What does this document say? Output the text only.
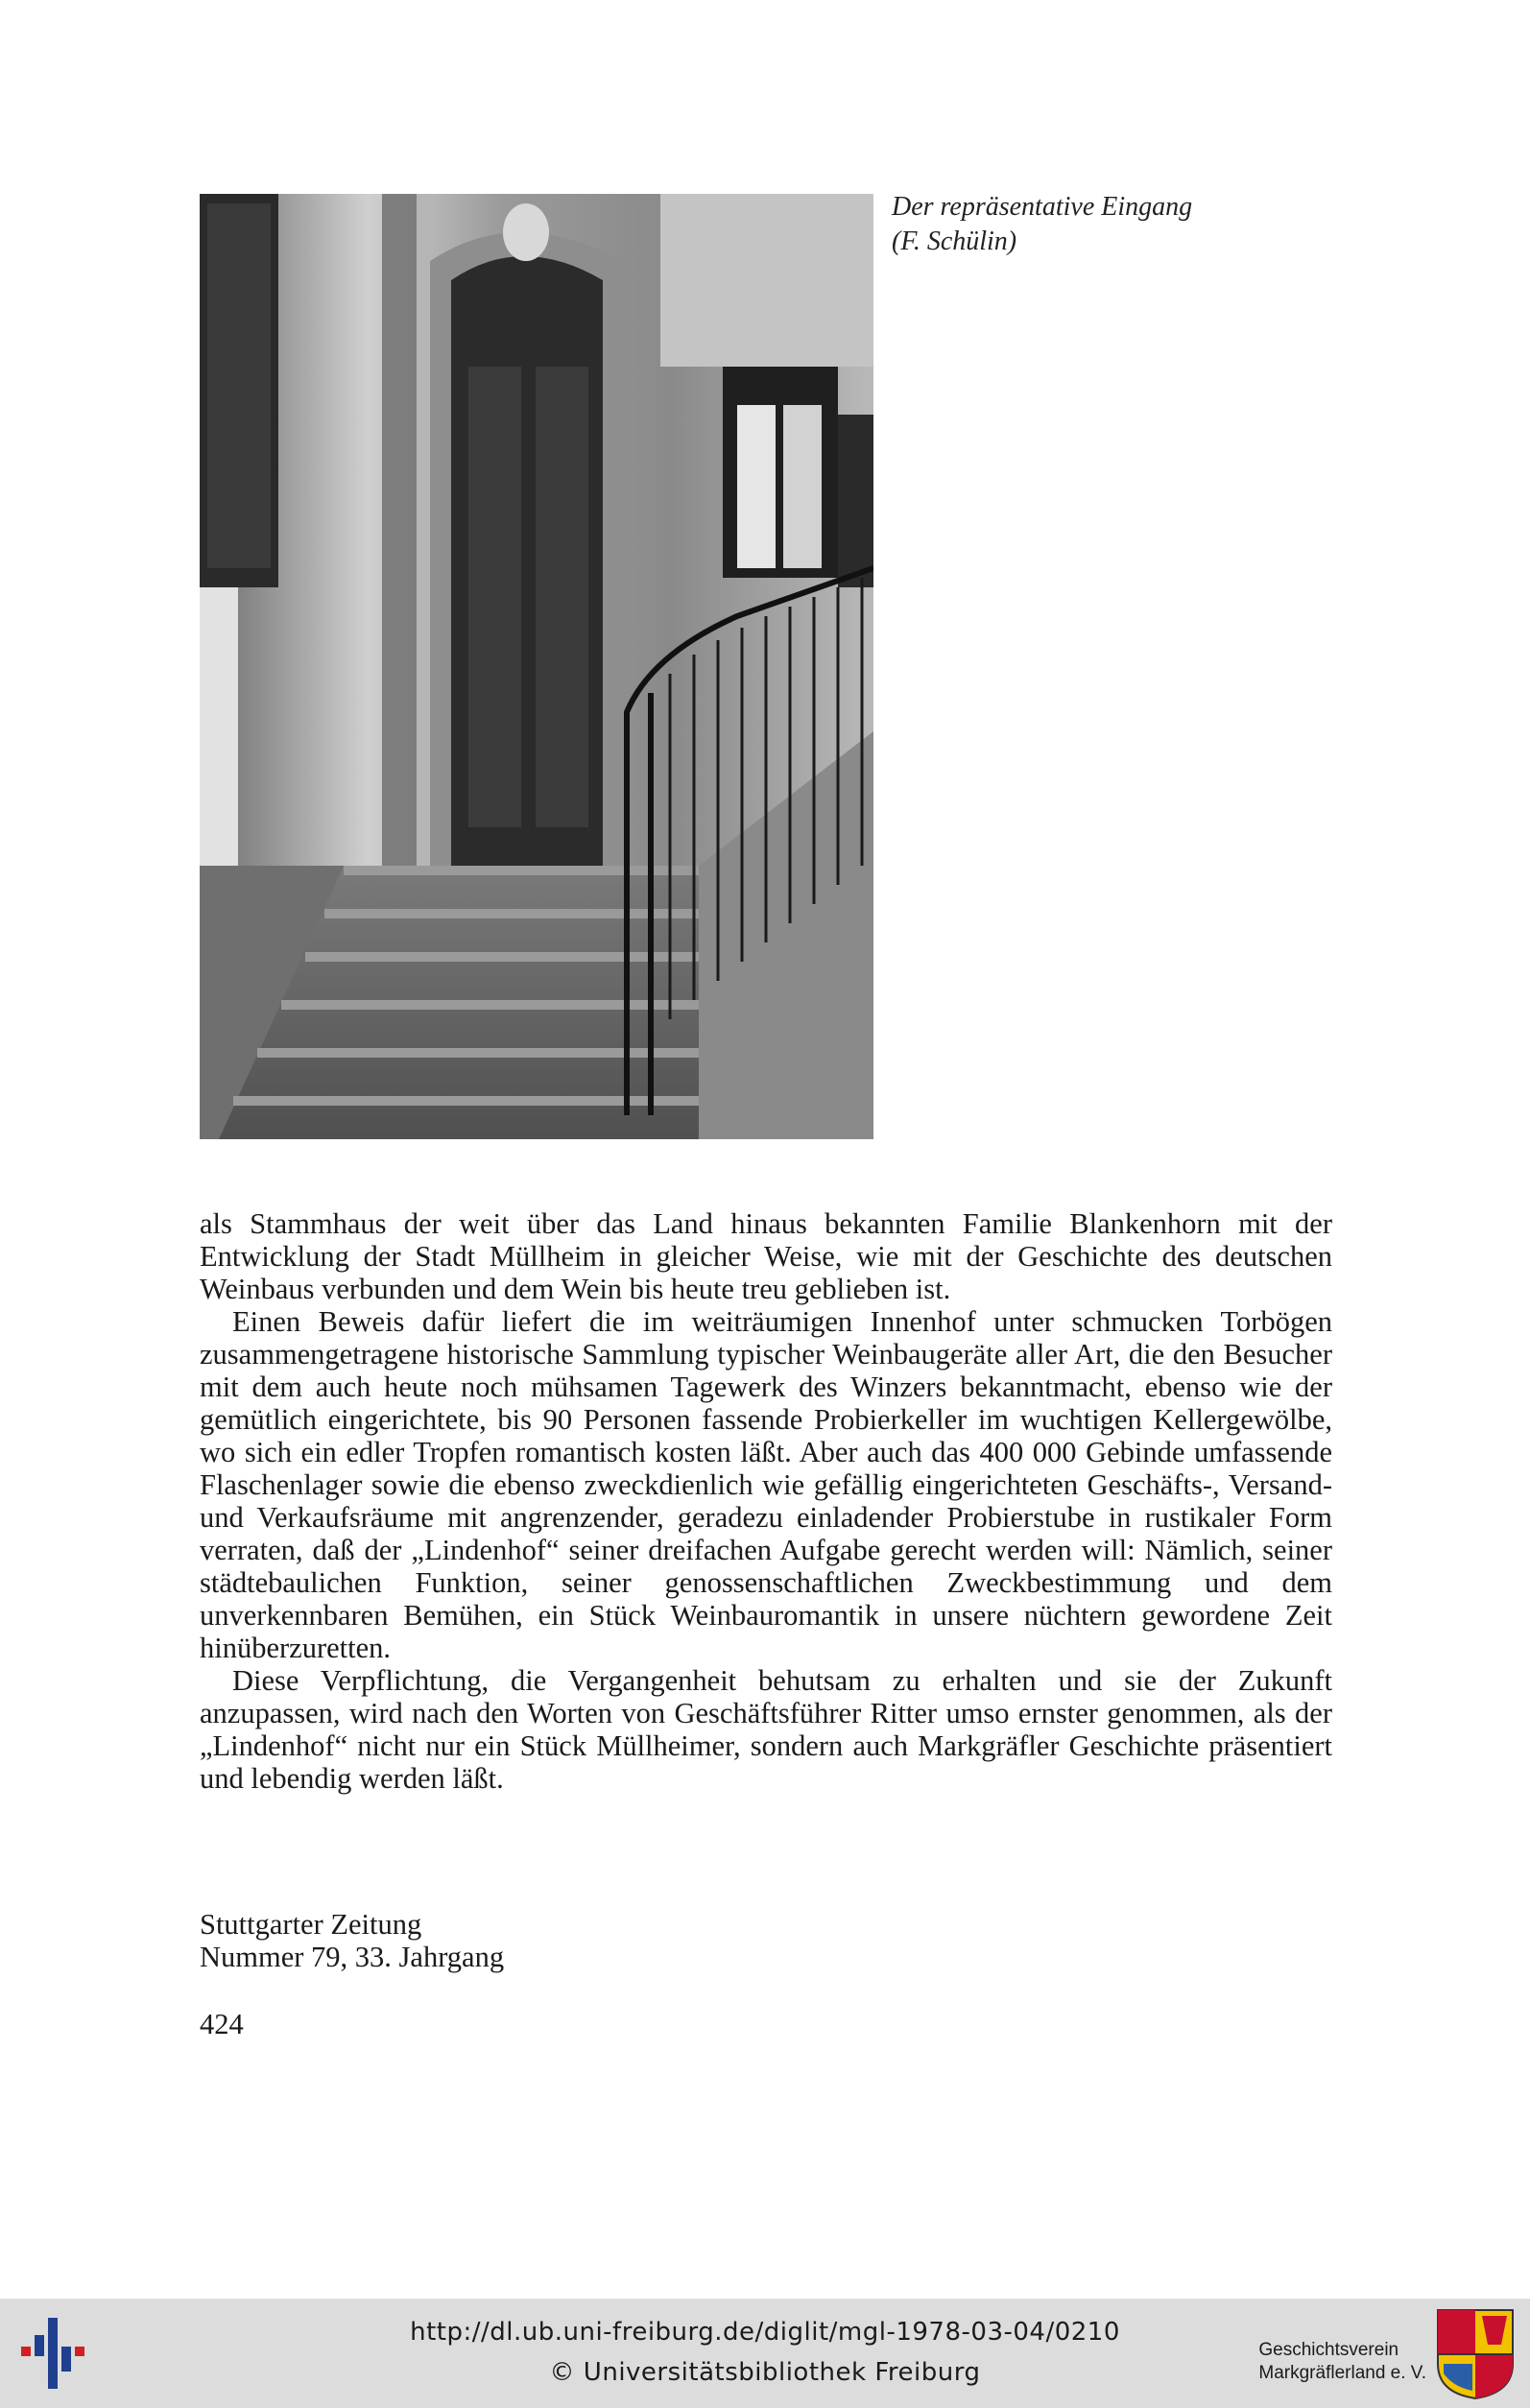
Der repräsentative Eingang
(F. Schülin)

als Stammhaus der weit über das Land hinaus bekannten Familie Blankenhorn mit der Entwicklung der Stadt Müllheim in gleicher Weise, wie mit der Geschichte des deutschen Weinbaus verbunden und dem Wein bis heute treu geblieben ist.

Einen Beweis dafür liefert die im weiträumigen Innenhof unter schmucken Torbögen zusammengetragene historische Sammlung typischer Weinbaugeräte aller Art, die den Besucher mit dem auch heute noch mühsamen Tagewerk des Winzers bekanntmacht, ebenso wie der gemütlich eingerichtete, bis 90 Personen fassende Probierkeller im wuchtigen Kellergewölbe, wo sich ein edler Tropfen romantisch kosten läßt. Aber auch das 400 000 Gebinde umfassende Flaschenlager sowie die ebenso zweckdienlich wie gefällig eingerichteten Geschäfts-, Versand- und Verkaufsräume mit angrenzender, geradezu einladender Probierstube in rustikaler Form verraten, daß der „Lindenhof“ seiner dreifachen Aufgabe gerecht werden will: Nämlich, seiner städtebaulichen Funktion, seiner genossenschaftlichen Zweckbestimmung und dem unverkennbaren Bemühen, ein Stück Weinbauromantik in unsere nüchtern gewordene Zeit hinüberzuretten.

Diese Verpflichtung, die Vergangenheit behutsam zu erhalten und sie der Zukunft anzupassen, wird nach den Worten von Geschäftsführer Ritter umso ernster genommen, als der „Lindenhof“ nicht nur ein Stück Müllheimer, sondern auch Markgräfler Geschichte präsentiert und lebendig werden läßt.

Stuttgarter Zeitung
Nummer 79, 33. Jahrgang
424
http://dl.ub.uni-freiburg.de/diglit/mgl-1978-03-04/0210
© Universitätsbibliothek Freiburg
Geschichtsverein
Markgräflerland e. V.
